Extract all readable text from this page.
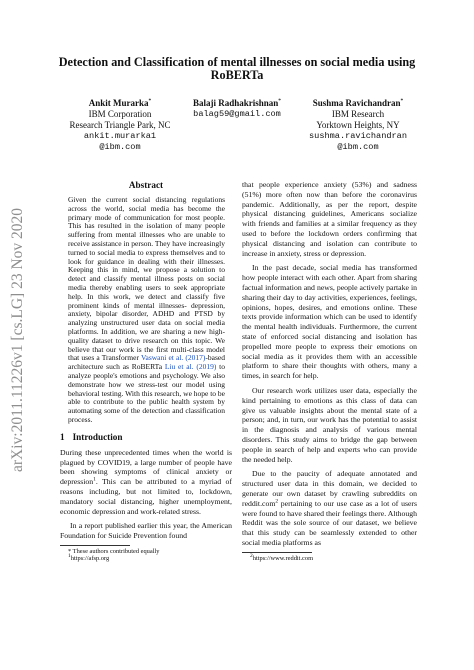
arXiv:2011.11226v1 [cs.LG] 23 Nov 2020
Detection and Classification of mental illnesses on social media using RoBERTa
Ankit Murarka*
IBM Corporation
Research Triangle Park, NC
ankit.murarka1
@ibm.com
Balaji Radhakrishnan*
balag59@gmail.com
Sushma Ravichandran*
IBM Research
Yorktown Heights, NY
sushma.ravichandran
@ibm.com
Abstract

Given the current social distancing regulations across the world, social media has become the primary mode of communication for most people. This has resulted in the isolation of many people suffering from mental illnesses who are unable to receive assistance in person. They have increasingly turned to social media to express themselves and to look for guidance in dealing with their illnesses. Keeping this in mind, we propose a solution to detect and classify mental illness posts on social media thereby enabling users to seek appropriate help. In this work, we detect and classify five prominent kinds of mental illnesses- depression, anxiety, bipolar disorder, ADHD and PTSD by analyzing unstructured user data on social media platforms. In addition, we are sharing a new high-quality dataset to drive research on this topic. We believe that our work is the first multi-class model that uses a Transformer Vaswani et al. (2017)-based architecture such as RoBERTa Liu et al. (2019) to analyze people's emotions and psychology. We also demonstrate how we stress-test our model using behavioral testing. With this research, we hope to be able to contribute to the public health system by automating some of the detection and classification process.

1 Introduction

During these unprecedented times when the world is plagued by COVID19, a large number of people have been showing symptoms of clinical anxiety or depression$^1$. This can be attributed to a myriad of reasons including, but not limited to, lockdown, mandatory social distancing, higher unemployment, economic depression and work-related stress.

In a report published earlier this year, the American Foundation for Suicide Prevention found

* These authors contributed equally

$^1$https://afsp.org

that people experience anxiety (53%) and sadness (51%) more often now than before the coronavirus pandemic. Additionally, as per the report, despite physical distancing guidelines, Americans socialize with friends and families at a similar frequency as they used to before the lockdown orders confirming that physical distancing and isolation can contribute to increase in anxiety, stress or depression.

In the past decade, social media has transformed how people interact with each other. Apart from sharing factual information and news, people actively partake in sharing their day to day activities, experiences, feelings, opinions, hopes, desires, and emotions online. These texts provide information which can be used to identify the mental health individuals. Furthermore, the current state of enforced social distancing and isolation has propelled more people to express their emotions on social media as it provides them with an accessible platform to share their thoughts with others, many a times, in search for help.

Our research work utilizes user data, especially the kind pertaining to emotions as this class of data can give us valuable insights about the mental state of a person; and, in turn, our work has the potential to assist in the diagnosis and analysis of various mental disorders. This study aims to bridge the gap between people in search of help and experts who can provide the needed help.

Due to the paucity of adequate annotated and structured user data in this domain, we decided to generate our own dataset by crawling subreddits on reddit.com$^2$ pertaining to our use case as a lot of users were found to have shared their feelings there. Although Reddit was the sole source of our dataset, we believe that this study can be seamlessly extended to other social media platforms as

$^2$https://www.reddit.com
